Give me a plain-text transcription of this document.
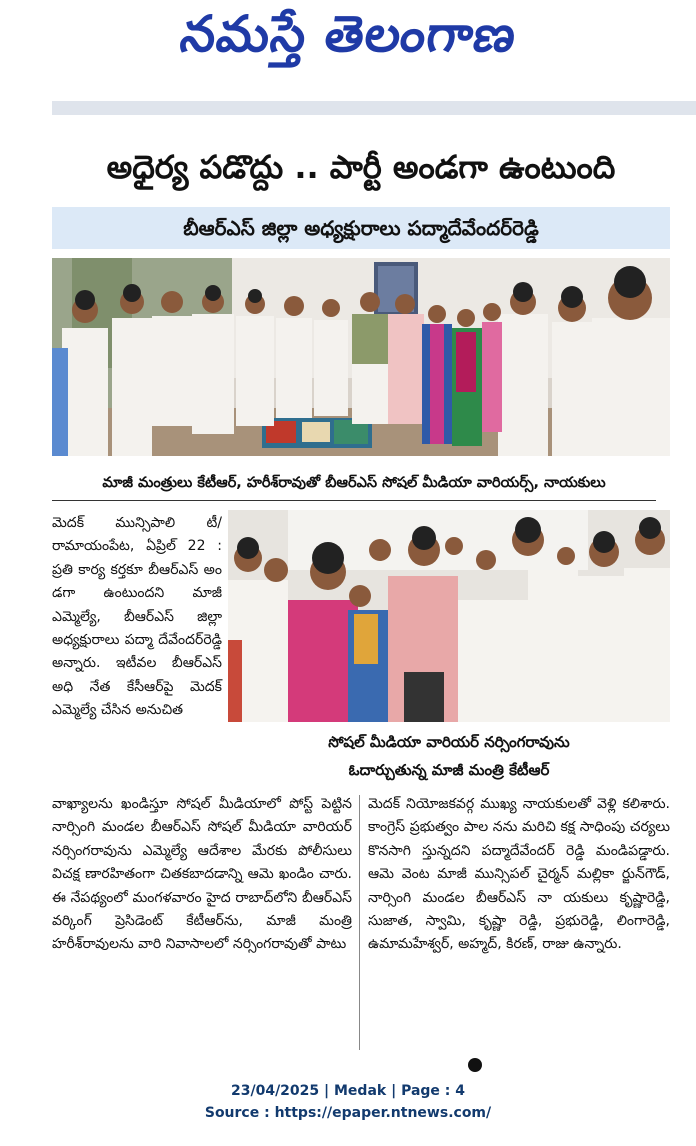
నమస్తే తెలంగాణ
అధైర్య పడొద్దు .. పార్టీ అండగా ఉంటుంది
బీఆర్‌ఎస్ జిల్లా అధ్యక్షురాలు పద్మాదేవేందర్‌రెడ్డి
మాజీ మంత్రులు కేటీఆర్, హరీశ్‌రావుతో బీఆర్‌ఎస్ సోషల్ మీడియా వారియర్స్, నాయకులు
సోషల్ మీడియా వారియర్ నర్సింగరావును
ఓదార్చుతున్న మాజీ మంత్రి కేటీఆర్
మెదక్ మున్సిపాలి టీ/రామాయంపేట, ఏప్రిల్ 22 : ప్రతి కార్య కర్తకూ బీఆర్‌ఎస్ అం డగా ఉంటుందని మాజీ ఎమ్మెల్యే, బీఆర్‌ఎస్ జిల్లా అధ్యక్షురాలు పద్మా దేవేందర్‌రెడ్డి అన్నారు. ఇటీవల బీఆర్‌ఎస్ అధి నేత కేసీఆర్‌పై మెదక్ ఎమ్మెల్యే చేసిన అనుచిత
వాఖ్యాలను ఖండిస్తూ సోషల్ మీడియాలో పోస్ట్ పెట్టిన నార్సింగి మండల బీఆర్‌ఎస్ సోషల్ మీడియా వారియర్ నర్సింగరావును ఎమ్మెల్యే ఆదేశాల మేరకు పోలీసులు విచక్ష ణారహితంగా చితకబాదడాన్ని ఆమె ఖండిం చారు. ఈ నేపథ్యంలో మంగళవారం హైద రాబాద్‌లోని బీఆర్‌ఎస్ వర్కింగ్ ప్రెసిడెంట్ కేటీఆర్‌ను, మాజీ మంత్రి హరీశ్‌రావులను వారి నివాసాలలో నర్సింగరావుతో పాటు
మెదక్ నియోజకవర్గ ముఖ్య నాయకులతో వెళ్లి కలిశారు. కాంగ్రెస్ ప్రభుత్వం పాల నను మరిచి కక్ష సాధింపు చర్యలు కొనసాగి స్తున్నదని పద్మాదేవేందర్ రెడ్డి మండిపడ్డారు. ఆమె వెంట మాజీ మున్సిపల్ చైర్మన్ మల్లికా ర్జున్‌గౌడ్, నార్సింగి మండల బీఆర్‌ఎస్ నా యకులు కృష్ణారెడ్డి, సుజాత, స్వామి, కృష్ణా రెడ్డి, ప్రభురెడ్డి, లింగారెడ్డి, ఉమామహేశ్వర్, అహ్మద్, కిరణ్, రాజు ఉన్నారు.
23/04/2025 | Medak | Page : 4
Source : https://epaper.ntnews.com/
